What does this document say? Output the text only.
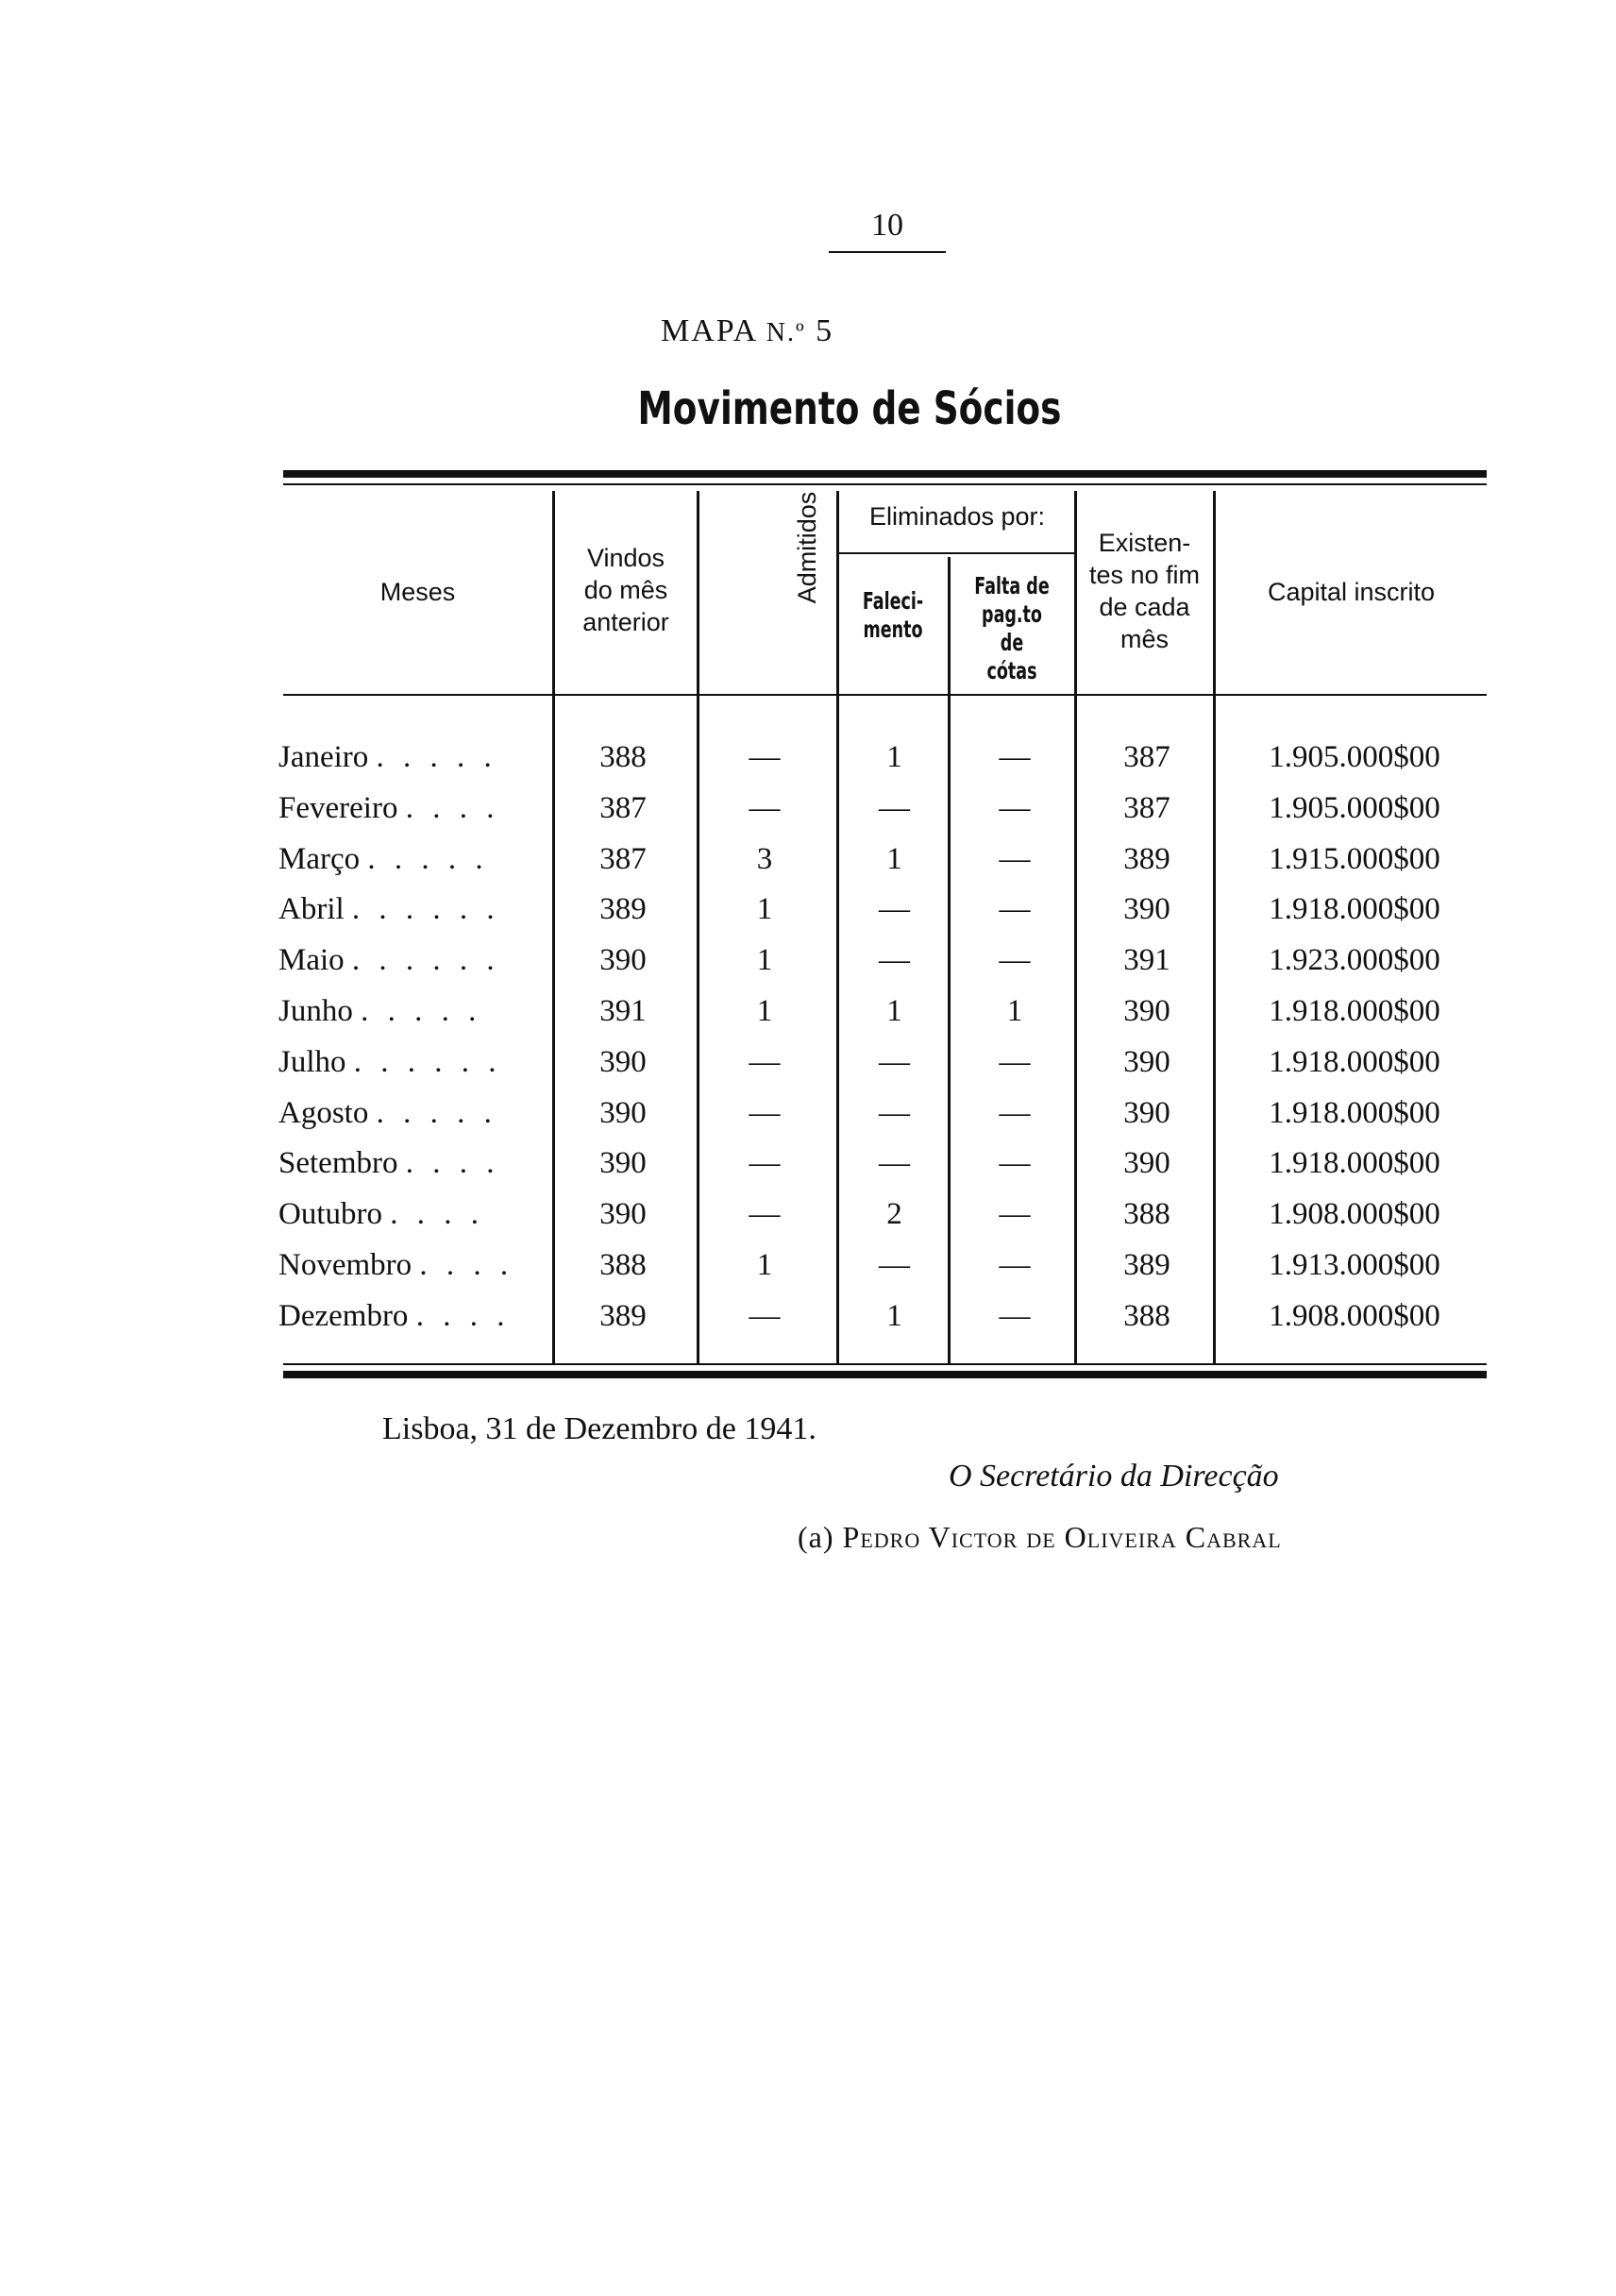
10
MAPA N.º 5
Movimento de Sócios
Meses
Vindos
do mês
anterior
Admitidos	Eliminados por:
Faleci-
mento
Falta de
pag.to de
cótas
Existen-
tes no fim
de cada
mês
Capital inscrito
Janeiro . . . . .	388	—	1	—	387	1.905.000$00
Fevereiro . . . .	387	—	—	—	387	1.905.000$00
Março . . . . .	387	3	1	—	389	1.915.000$00
Abril . . . . . .	389	1	—	—	390	1.918.000$00
Maio . . . . . .	390	1	—	—	391	1.923.000$00
Junho . . . . .	391	1	1	1	390	1.918.000$00
Julho . . . . . .	390	—	—	—	390	1.918.000$00
Agosto . . . . .	390	—	—	—	390	1.918.000$00
Setembro . . . .	390	—	—	—	390	1.918.000$00
Outubro . . . .	390	—	2	—	388	1.908.000$00
Novembro . . . .	388	1	—	—	389	1.913.000$00
Dezembro . . . .	389	—	1	—	388	1.908.000$00
Lisboa, 31 de Dezembro de 1941.
O Secretário da Direcção
(a) Pedro Victor de Oliveira Cabral
